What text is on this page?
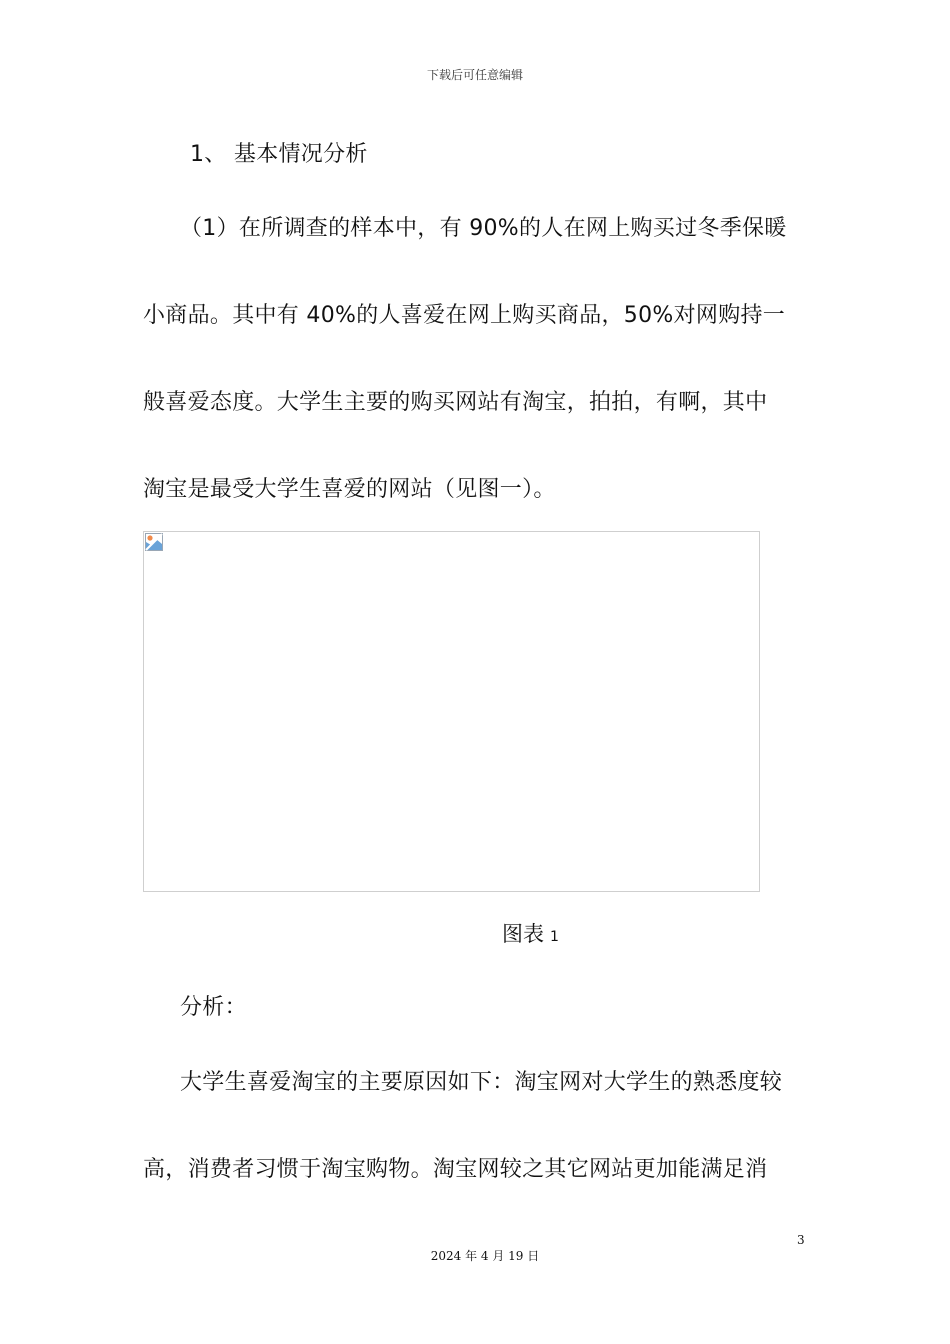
下载后可任意编辑
1、 基本情况分析
（1）在所调查的样本中，有 90%的人在网上购买过冬季保暖
小商品。其中有 40%的人喜爱在网上购买商品，50%对网购持一
般喜爱态度。大学生主要的购买网站有淘宝，拍拍，有啊，其中
淘宝是最受大学生喜爱的网站（见图一）。
图表 1
分析：
大学生喜爱淘宝的主要原因如下：淘宝网对大学生的熟悉度较
高，消费者习惯于淘宝购物。淘宝网较之其它网站更加能满足消
3
2024 年 4 月 19 日
